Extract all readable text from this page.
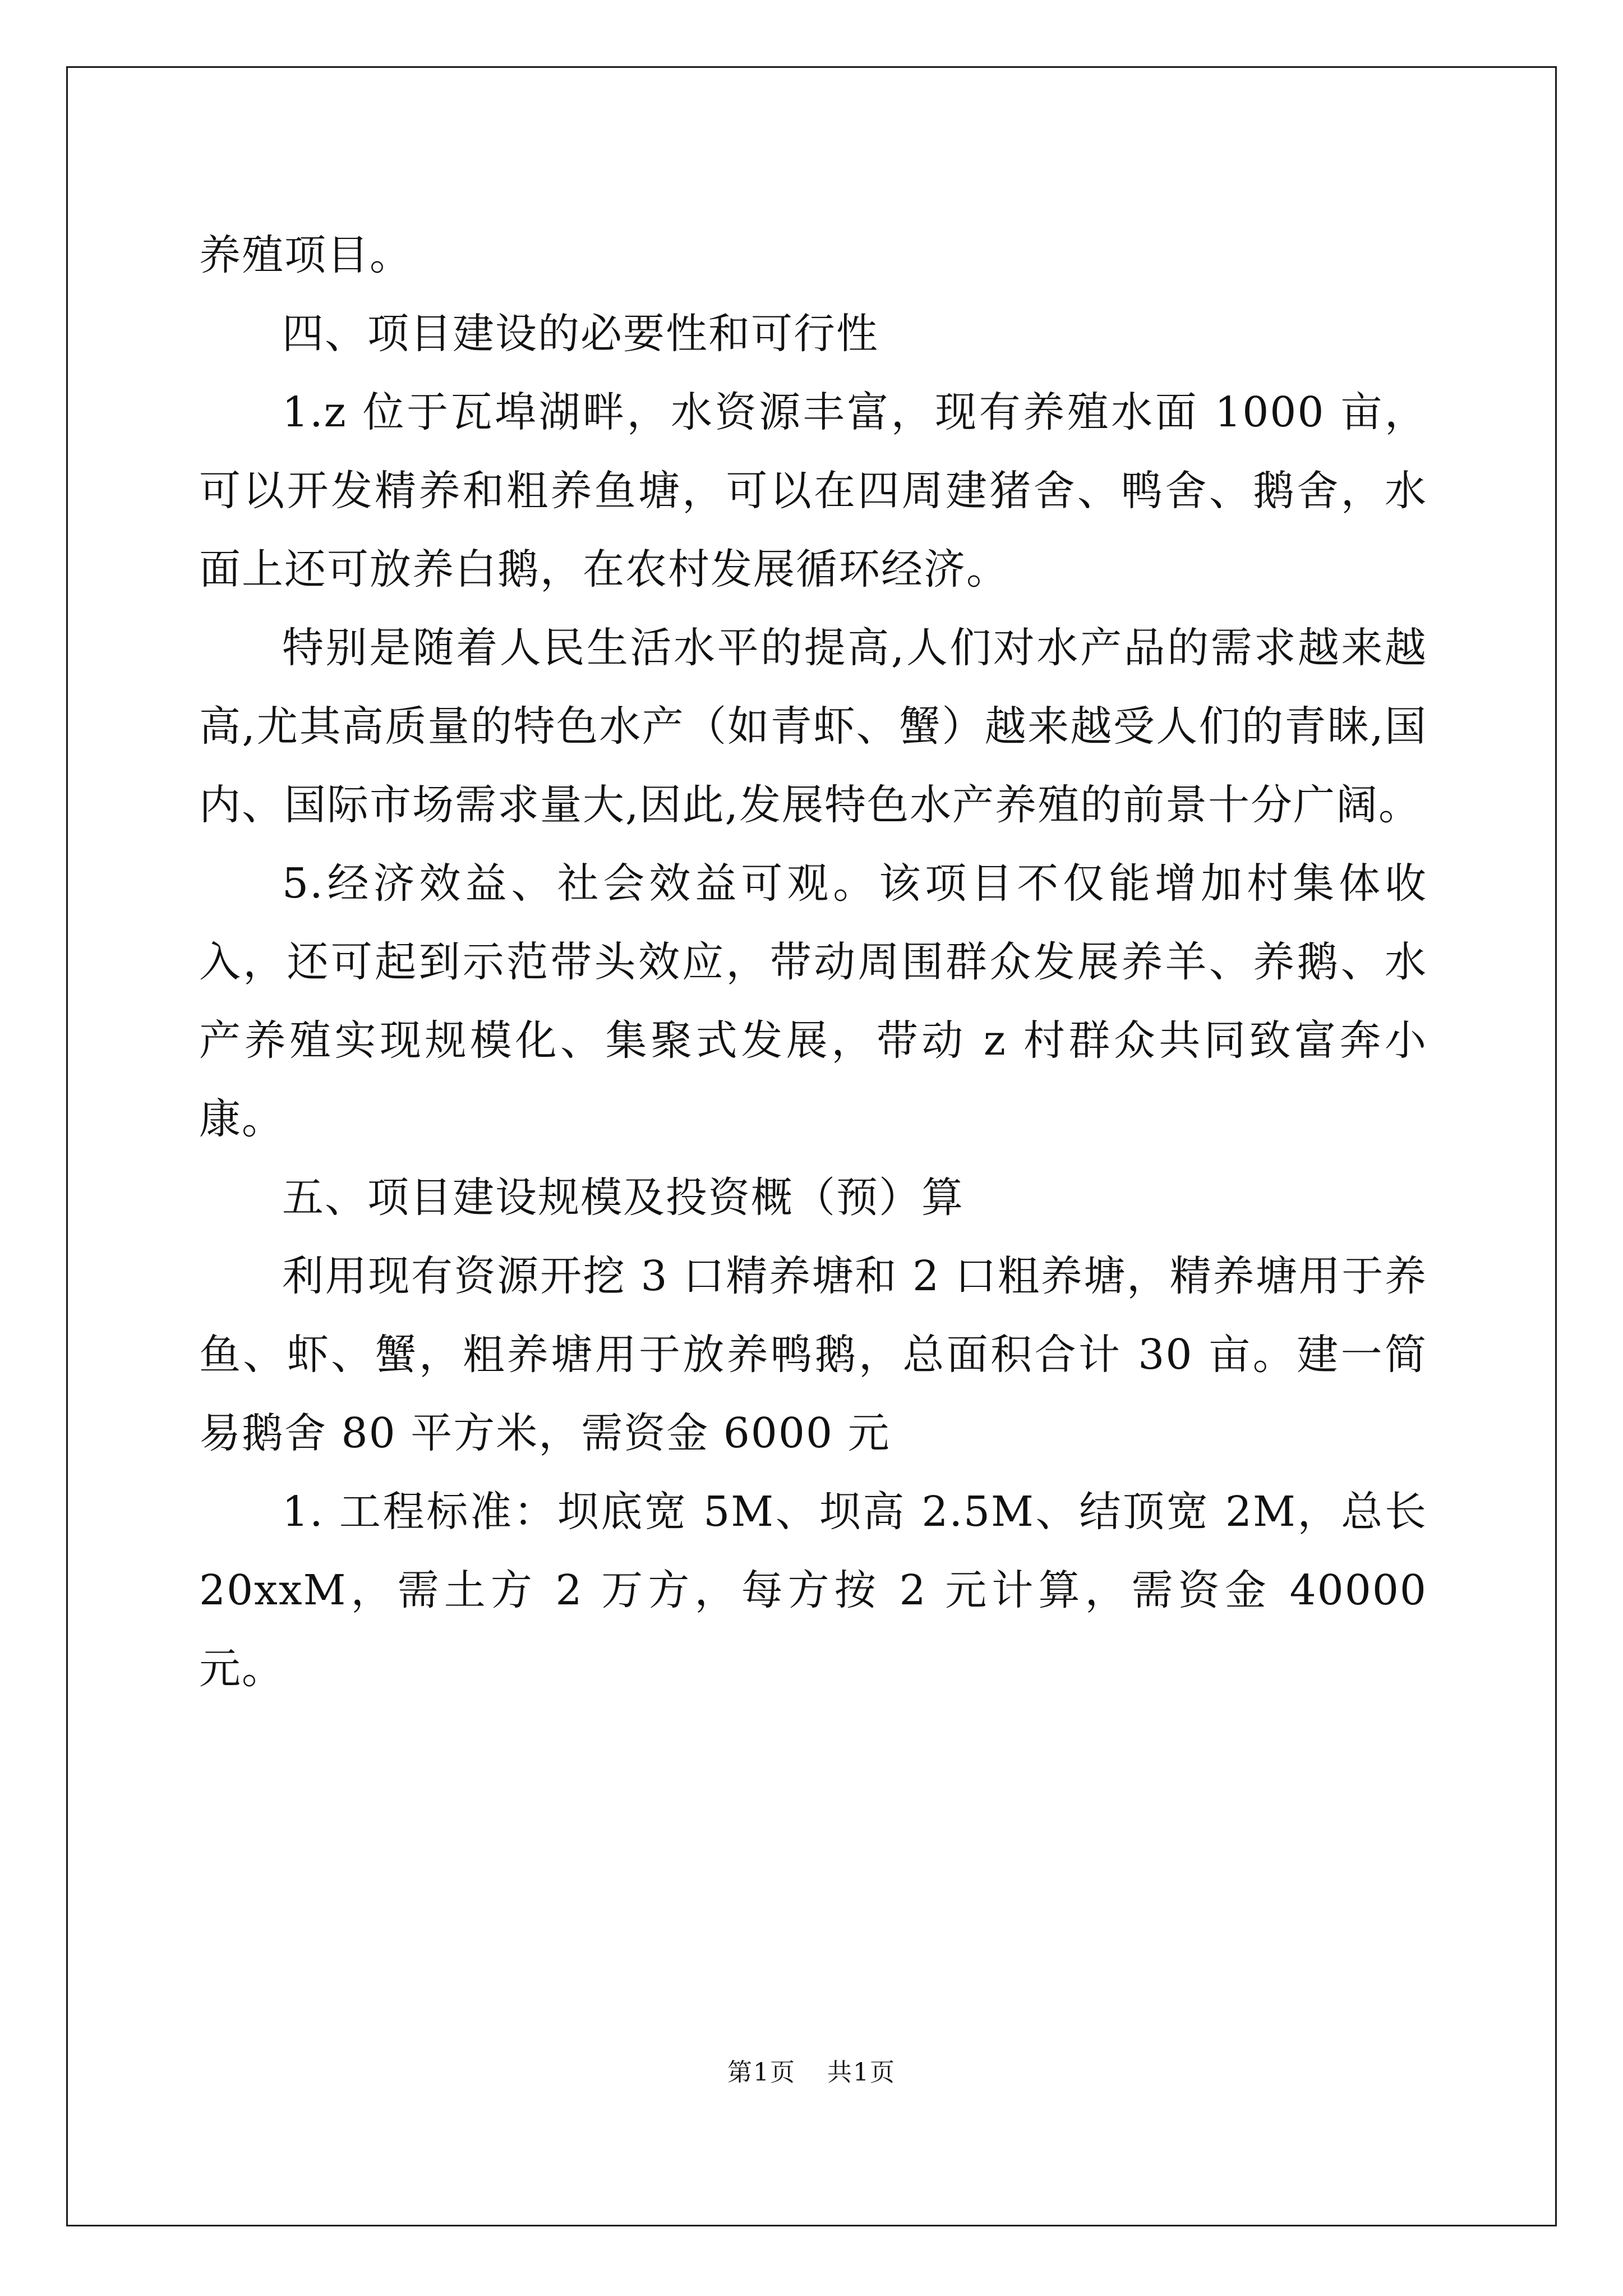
养殖项目。

四、项目建设的必要性和可行性

1.z 位于瓦埠湖畔，水资源丰富，现有养殖水面 1000 亩，可以开发精养和粗养鱼塘，可以在四周建猪舍、鸭舍、鹅舍，水面上还可放养白鹅，在农村发展循环经济。

特别是随着人民生活水平的提高,人们对水产品的需求越来越高,尤其高质量的特色水产（如青虾、蟹）越来越受人们的青睐,国内、国际市场需求量大,因此,发展特色水产养殖的前景十分广阔。

5.经济效益、社会效益可观。该项目不仅能增加村集体收入，还可起到示范带头效应，带动周围群众发展养羊、养鹅、水产养殖实现规模化、集聚式发展，带动 z 村群众共同致富奔小康。

五、项目建设规模及投资概（预）算

利用现有资源开挖 3 口精养塘和 2 口粗养塘，精养塘用于养鱼、虾、蟹，粗养塘用于放养鸭鹅，总面积合计 30 亩。建一简易鹅舍 80 平方米，需资金 6000 元

1. 工程标准：坝底宽 5M、坝高 2.5M、结顶宽 2M，总长 20xxM，需土方 2 万方，每方按 2 元计算，需资金 40000 元。

第1页 共1页
